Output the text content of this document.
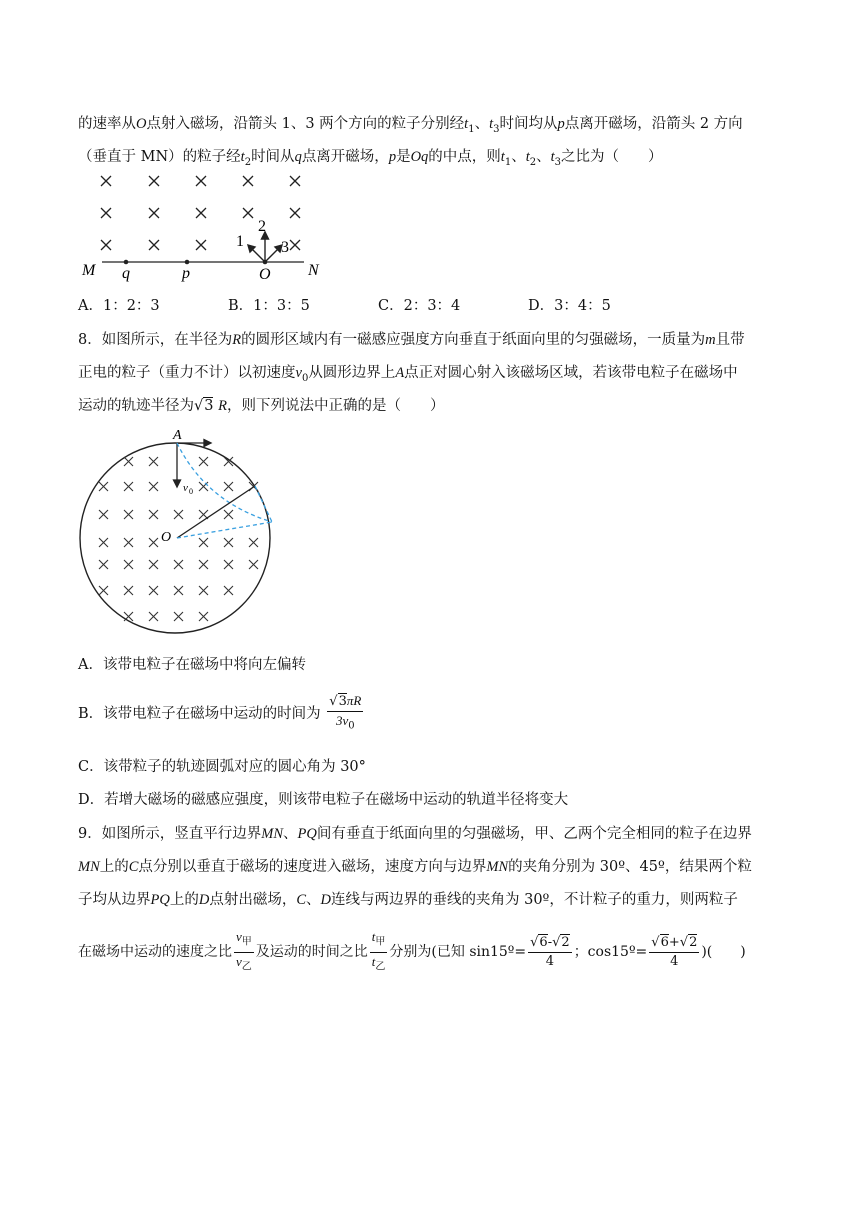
的速率从O点射入磁场，沿箭头 1、3 两个方向的粒子分别经$t_1$、$t_3$时间均从p点离开磁场，沿箭头 2 方向
（垂直于 MN）的粒子经$t_2$时间从q点离开磁场，p是Oq的中点，则$t_1$、$t_2$、$t_3$之比为（　　）
1
2
3
M q	p	O N
A．1：2：3	B．1：3：5	C．2：3：4	D．3：4：5
8．如图所示，在半径为R的圆形区域内有一磁感应强度方向垂直于纸面向里的匀强磁场，一质量为m且带
正电的粒子（重力不计）以初速度$v_0$从圆形边界上A点正对圆心射入该磁场区域，若该带电粒子在磁场中
运动的轨迹半径为√3 R，则下列说法中正确的是（　　）
A
O
v 0
A．该带电粒子在磁场中将向左偏转
B．该带电粒子在磁场中运动的时间为 $\frac{√3\pi R}{3v_0}$
C．该带粒子的轨迹圆弧对应的圆心角为 30°
D．若增大磁场的磁感应强度，则该带电粒子在磁场中运动的轨道半径将变大
9．如图所示，竖直平行边界MN、PQ间有垂直于纸面向里的匀强磁场，甲、乙两个完全相同的粒子在边界
MN上的C点分别以垂直于磁场的速度进入磁场，速度方向与边界MN的夹角分别为 30º、45º，结果两个粒
子均从边界PQ上的D点射出磁场，C、D连线与两边界的垂线的夹角为 30º，不计粒子的重力，则两粒子
在磁场中运动的速度之比 $\frac{v_甲}{v_乙}$ 及运动的时间之比 $\frac{t_甲}{t_乙}$ 分别为(已知 sin15º= $\frac{√6-√2}{4}$ ；cos15º= $\frac{√6+√2}{4}$ )(　　)
